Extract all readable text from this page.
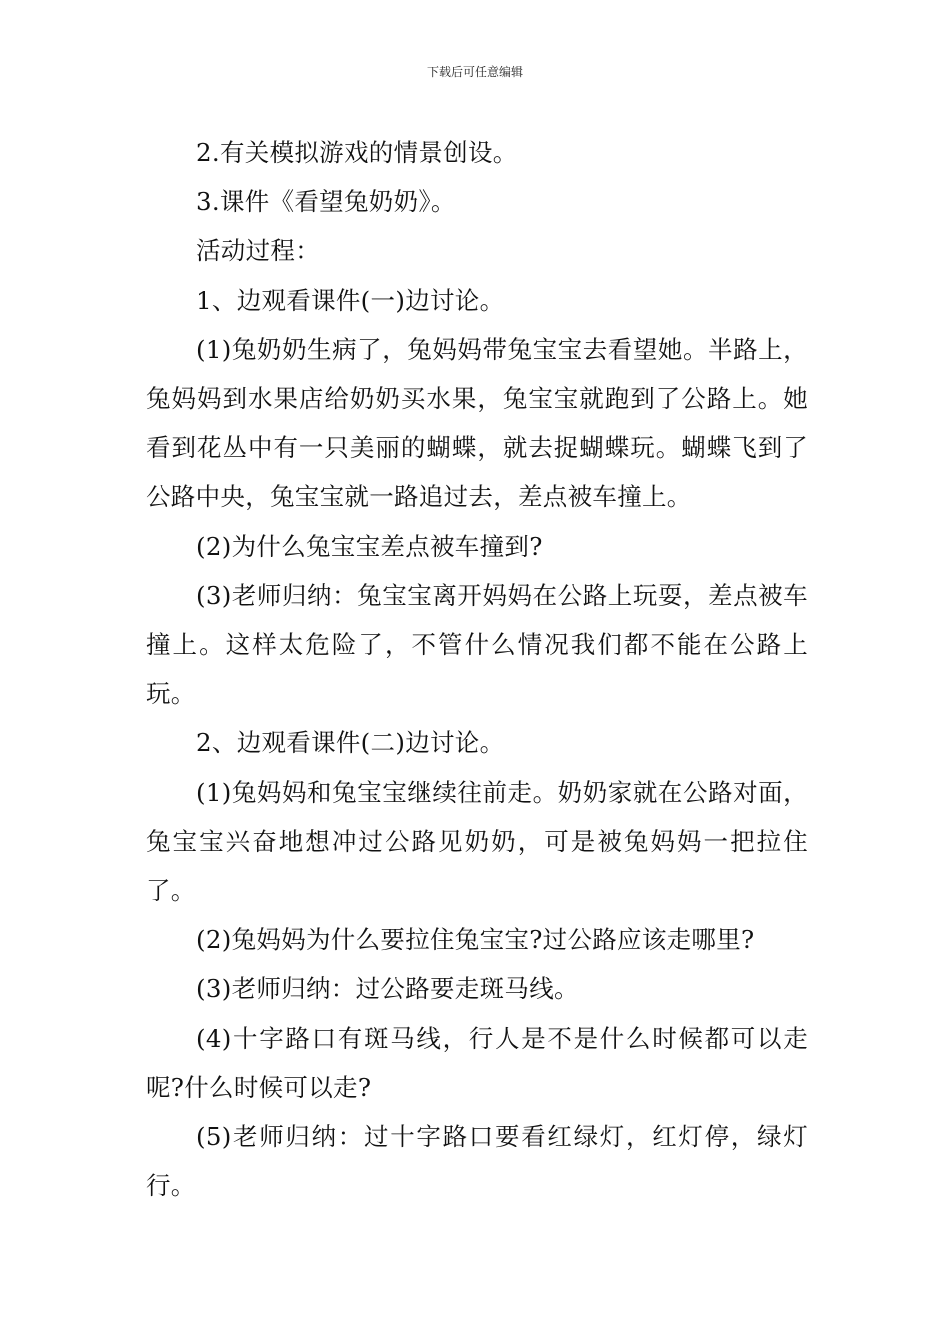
下载后可任意编辑

2.有关模拟游戏的情景创设。

3.课件《看望兔奶奶》。

活动过程：

1、边观看课件(一)边讨论。

(1)兔奶奶生病了，兔妈妈带兔宝宝去看望她。半路上，兔妈妈到水果店给奶奶买水果，兔宝宝就跑到了公路上。她看到花丛中有一只美丽的蝴蝶，就去捉蝴蝶玩。蝴蝶飞到了公路中央，兔宝宝就一路追过去，差点被车撞上。

(2)为什么兔宝宝差点被车撞到?

(3)老师归纳：兔宝宝离开妈妈在公路上玩耍，差点被车撞上。这样太危险了，不管什么情况我们都不能在公路上玩。

2、边观看课件(二)边讨论。

(1)兔妈妈和兔宝宝继续往前走。奶奶家就在公路对面，兔宝宝兴奋地想冲过公路见奶奶，可是被兔妈妈一把拉住了。

(2)兔妈妈为什么要拉住兔宝宝?过公路应该走哪里?

(3)老师归纳：过公路要走斑马线。

(4)十字路口有斑马线，行人是不是什么时候都可以走呢?什么时候可以走?

(5)老师归纳：过十字路口要看红绿灯，红灯停，绿灯行。
